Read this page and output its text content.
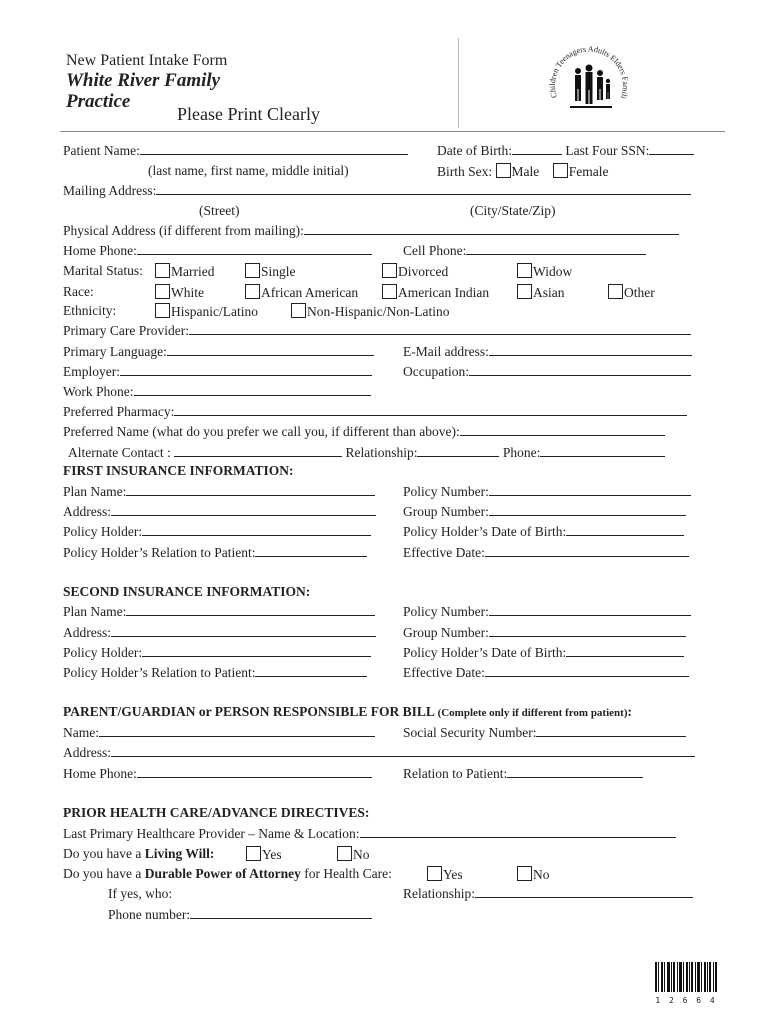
New Patient Intake Form
White River Family
Practice
Please Print Clearly
Children Teenagers Adults Elders Famili
Patient Name:	Date of Birth:	Last Four SSN:
(last name, first name, middle initial)	Birth Sex: Male Female
Mailing Address:
(Street)	(City/State/Zip)
Physical Address (if different from mailing):
Home Phone:	Cell Phone:
Marital Status:	Married	Single	Divorced	Widow
Race:	White	African American	American Indian	Asian	Other
Ethnicity:	Hispanic/Latino	Non-Hispanic/Non-Latino
Primary Care Provider:
Primary Language:	E-Mail address:
Employer:	Occupation:
Work Phone:
Preferred Pharmacy:
Preferred Name (what do you prefer we call you, if different than above):
Alternate Contact :	Relationship:	Phone:
FIRST INSURANCE INFORMATION:
Plan Name:	Policy Number:
Address:	Group Number:
Policy Holder:	Policy Holder’s Date of Birth:
Policy Holder’s Relation to Patient:	Effective Date:
SECOND INSURANCE INFORMATION:
Plan Name:	Policy Number:
Address:	Group Number:
Policy Holder:	Policy Holder’s Date of Birth:
Policy Holder’s Relation to Patient:	Effective Date:
PARENT/GUARDIAN or PERSON RESPONSIBLE FOR BILL (Complete only if different from patient):
Name:	Social Security Number:
Address:
Home Phone:	Relation to Patient:
PRIOR HEALTH CARE/ADVANCE DIRECTIVES:
Last Primary Healthcare Provider – Name & Location:
Do you have a Living Will:	Yes	No
Do you have a Durable Power of Attorney for Health Care:	Yes	No
If yes, who:	Relationship:
Phone number:
1 2 6 6 4
